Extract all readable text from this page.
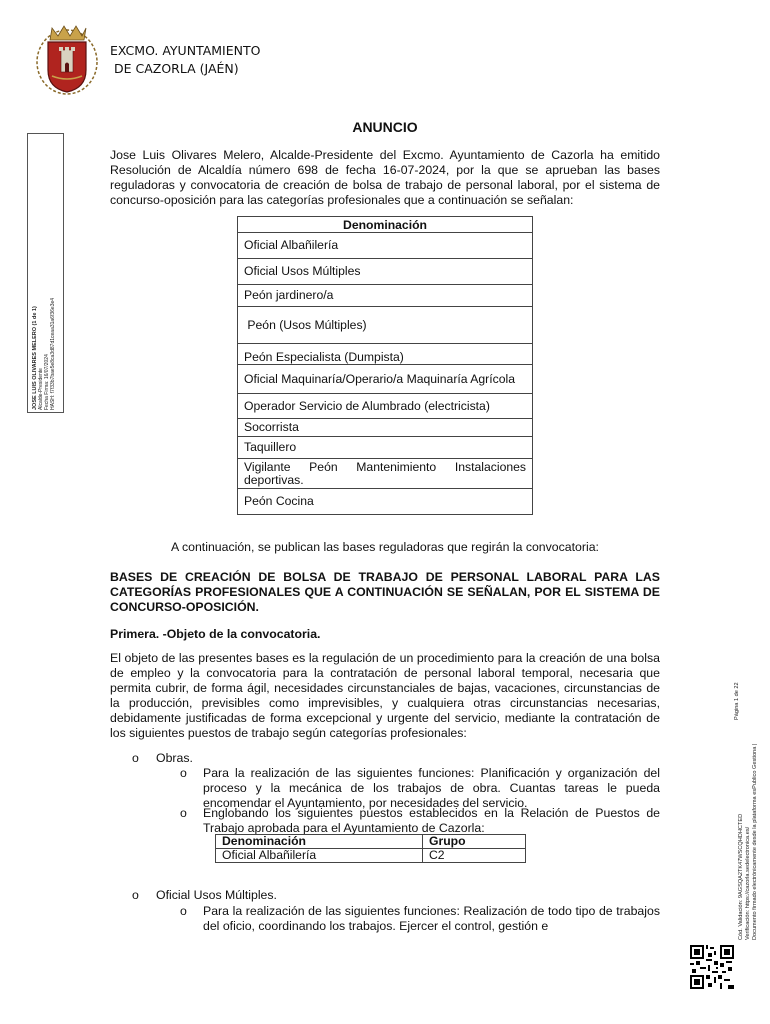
EXCMO. AYUNTAMIENTO
DE CAZORLA (JAÉN)
JOSE LUIS OLIVARES MELERO (1 de 1)
Alcalde-Presidente
Fecha Firma: 16/07/2024
HASH: f7f33b7bae5e8ca3d87d1ceaa31a6f36e3e4
ANUNCIO
Jose Luis Olivares Melero, Alcalde-Presidente del Excmo. Ayuntamiento de Cazorla ha emitido Resolución de Alcaldía número 698 de fecha 16-07-2024, por la que se aprueban las bases reguladoras y convocatoria de creación de bolsa de trabajo de personal laboral, por el sistema de concurso-oposición para las categorías profesionales que a continuación se señalan:
Denominación
Oficial Albañilería
Oficial Usos Múltiples
Peón jardinero/a
Peón (Usos Múltiples)
Peón Especialista (Dumpista)
Oficial Maquinaría/Operario/a Maquinaría Agrícola
Operador Servicio de Alumbrado (electricista)
Socorrista
Taquillero
Vigilante Peón Mantenimiento Instalaciones deportivas.
Peón Cocina
A continuación, se publican las bases reguladoras que regirán la convocatoria:
BASES DE CREACIÓN DE BOLSA DE TRABAJO DE PERSONAL LABORAL PARA LAS CATEGORÍAS PROFESIONALES QUE A CONTINUACIÓN SE SEÑALAN, POR EL SISTEMA DE CONCURSO-OPOSICIÓN.
Primera. -Objeto de la convocatoria.
El objeto de las presentes bases es la regulación de un procedimiento para la creación de una bolsa de empleo y la convocatoria para la contratación de personal laboral temporal, necesaria que permita cubrir, de forma ágil, necesidades circunstanciales de bajas, vacaciones, circunstancias de la producción, previsibles como imprevisibles, y cualquiera otras circunstancias necesarias, debidamente justificadas de forma excepcional y urgente del servicio, mediante la contratación de los siguientes puestos de trabajo según categorías profesionales:
o Obras.
o Para la realización de las siguientes funciones: Planificación y organización del proceso y la mecánica de los trabajos de obra. Cuantas tareas le pueda encomendar el Ayuntamiento, por necesidades del servicio.
o Englobando los siguientes puestos establecidos en la Relación de Puestos de Trabajo aprobada para el Ayuntamiento de Cazorla:
Denominación	Grupo
Oficial Albañilería	C2
o Oficial Usos Múltiples.
o Para la realización de las siguientes funciones: Realización de todo tipo de trabajos del oficio, coordinando los trabajos. Ejercer el control, gestión e	Cód. Validación: 9AGSQA2TK47WSCQHDHCTED Verificación: https://cazorla.sedelectronica.es/ Documento firmado electrónicamente desde la plataforma esPublico Gestiona |
Página 1 de 22
